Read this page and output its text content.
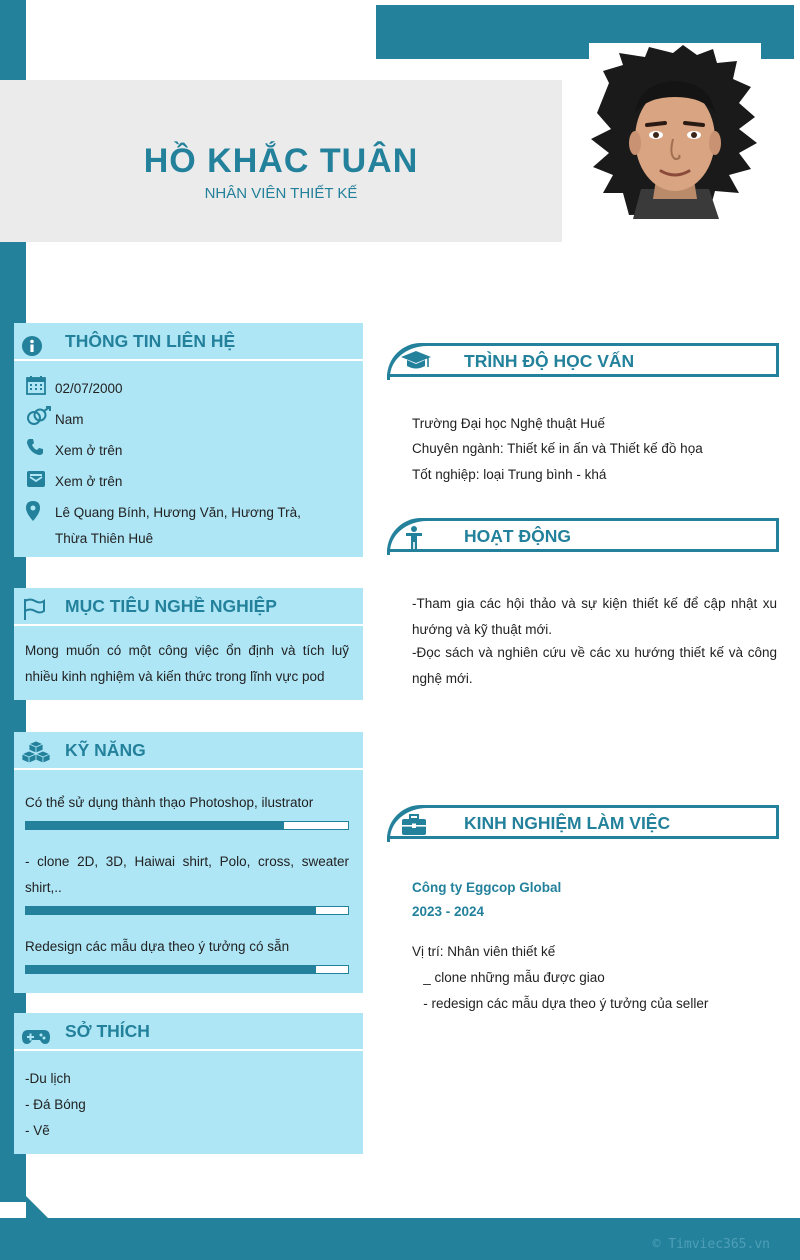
HỒ KHẮC TUÂN
NHÂN VIÊN THIẾT KẾ
THÔNG TIN LIÊN HỆ
02/07/2000
Nam
Xem ở trên
Xem ở trên
Lê Quang Bính, Hương Văn, Hương Trà,
Thừa Thiên Huê
MỤC TIÊU NGHỀ NGHIỆP
Mong muốn có một công việc ổn định và tích luỹ nhiều kinh nghiệm và kiến thức trong lĩnh vực pod
KỸ NĂNG
Có thể sử dụng thành thạo Photoshop, ilustrator
- clone 2D, 3D, Haiwai shirt, Polo, cross, sweater shirt,..
Redesign các mẫu dựa theo ý tưởng có sẵn
SỞ THÍCH
-Du lịch
- Đá Bóng
- Vẽ
TRÌNH ĐỘ HỌC VẤN
Trường Đại học Nghệ thuật Huế
Chuyên ngành: Thiết kế in ấn và Thiết kế đồ họa
Tốt nghiệp: loại Trung bình - khá
HOẠT ĐỘNG
-Tham gia các hội thảo và sự kiện thiết kế để cập nhật xu hướng và kỹ thuật mới.
-Đọc sách và nghiên cứu về các xu hướng thiết kế và công nghệ mới.
KINH NGHIỆM LÀM VIỆC
Công ty Eggcop Global
2023 - 2024
Vị trí: Nhân viên thiết kế
_ clone những mẫu được giao
- redesign các mẫu dựa theo ý tưởng của seller
© Timviec365.vn
